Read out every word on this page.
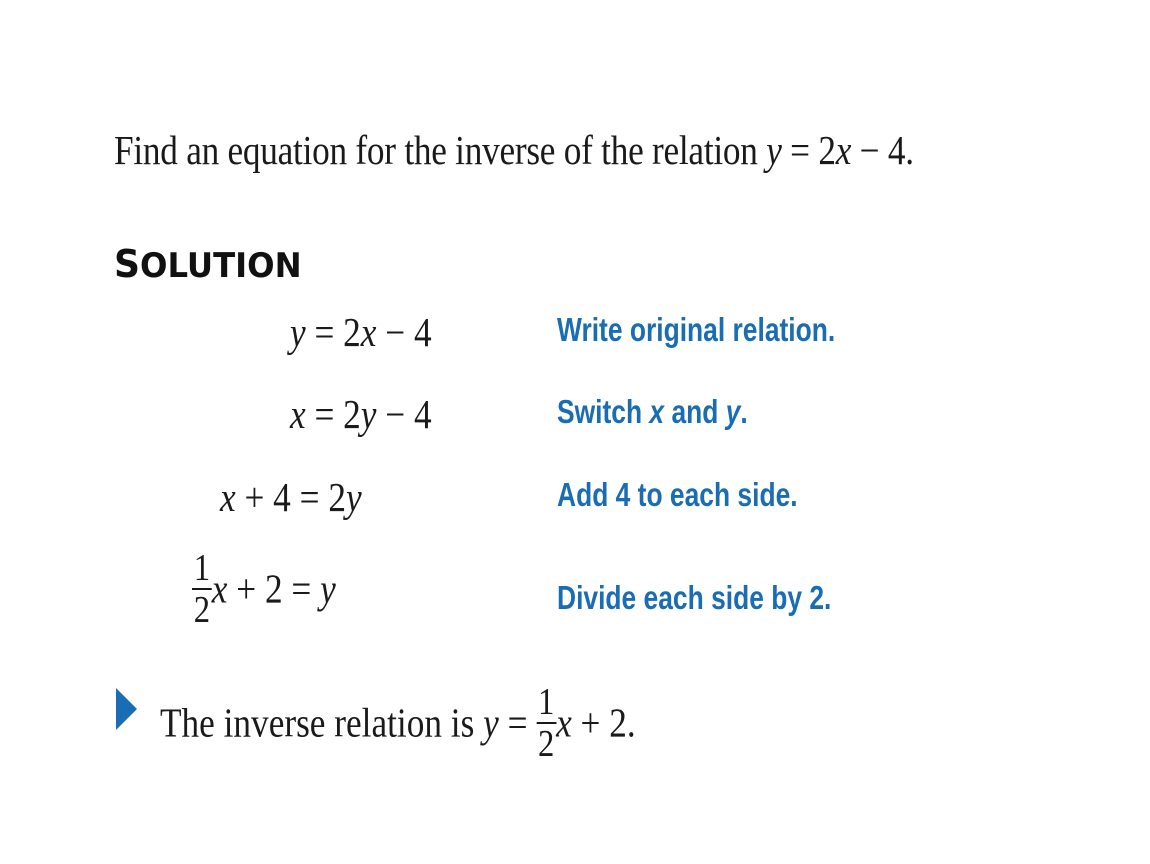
Find an equation for the inverse of the relation y = 2x − 4.
SOLUTION
y = 2x − 4	Write original relation.
x = 2y − 4	Switch x and y.
x + 4 = 2y	Add 4 to each side.
$\frac{1}{2}$ x + 2 = y	Divide each side by 2.
The inverse relation is $y = \frac{1}{2}$ x + 2.
